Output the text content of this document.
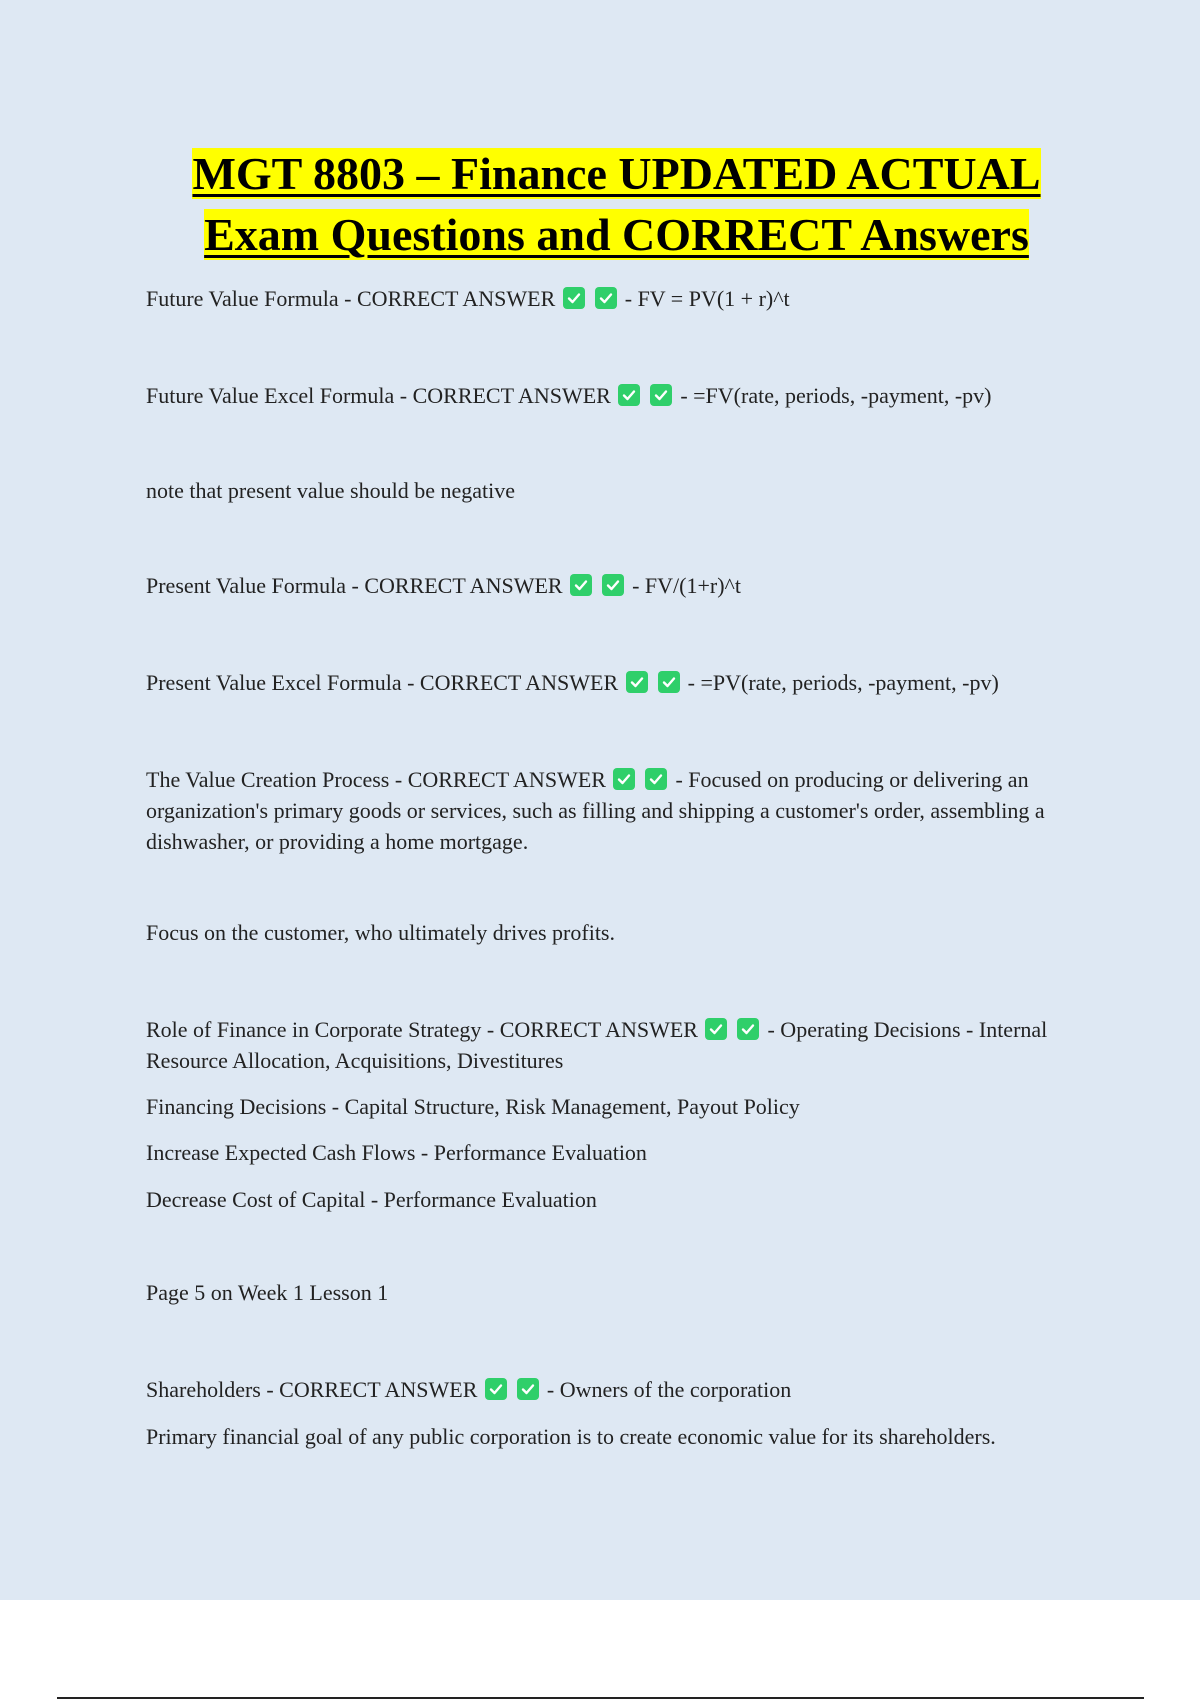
MGT 8803 – Finance UPDATED ACTUAL
Exam Questions and CORRECT Answers

Future Value Formula - CORRECT ANSWER	- FV = PV(1 + r)^t

Future Value Excel Formula - CORRECT ANSWER	- =FV(rate, periods, -payment, -pv)

note that present value should be negative

Present Value Formula - CORRECT ANSWER	- FV/(1+r)^t

Present Value Excel Formula - CORRECT ANSWER	- =PV(rate, periods, -payment, -pv)

The Value Creation Process - CORRECT ANSWER	- Focused on producing or delivering an organization's primary goods or services, such as filling and shipping a customer's order, assembling a dishwasher, or providing a home mortgage.

Focus on the customer, who ultimately drives profits.

Role of Finance in Corporate Strategy - CORRECT ANSWER	- Operating Decisions - Internal Resource Allocation, Acquisitions, Divestitures

Financing Decisions - Capital Structure, Risk Management, Payout Policy

Increase Expected Cash Flows - Performance Evaluation

Decrease Cost of Capital - Performance Evaluation

Page 5 on Week 1 Lesson 1

Shareholders - CORRECT ANSWER	- Owners of the corporation

Primary financial goal of any public corporation is to create economic value for its shareholders.
